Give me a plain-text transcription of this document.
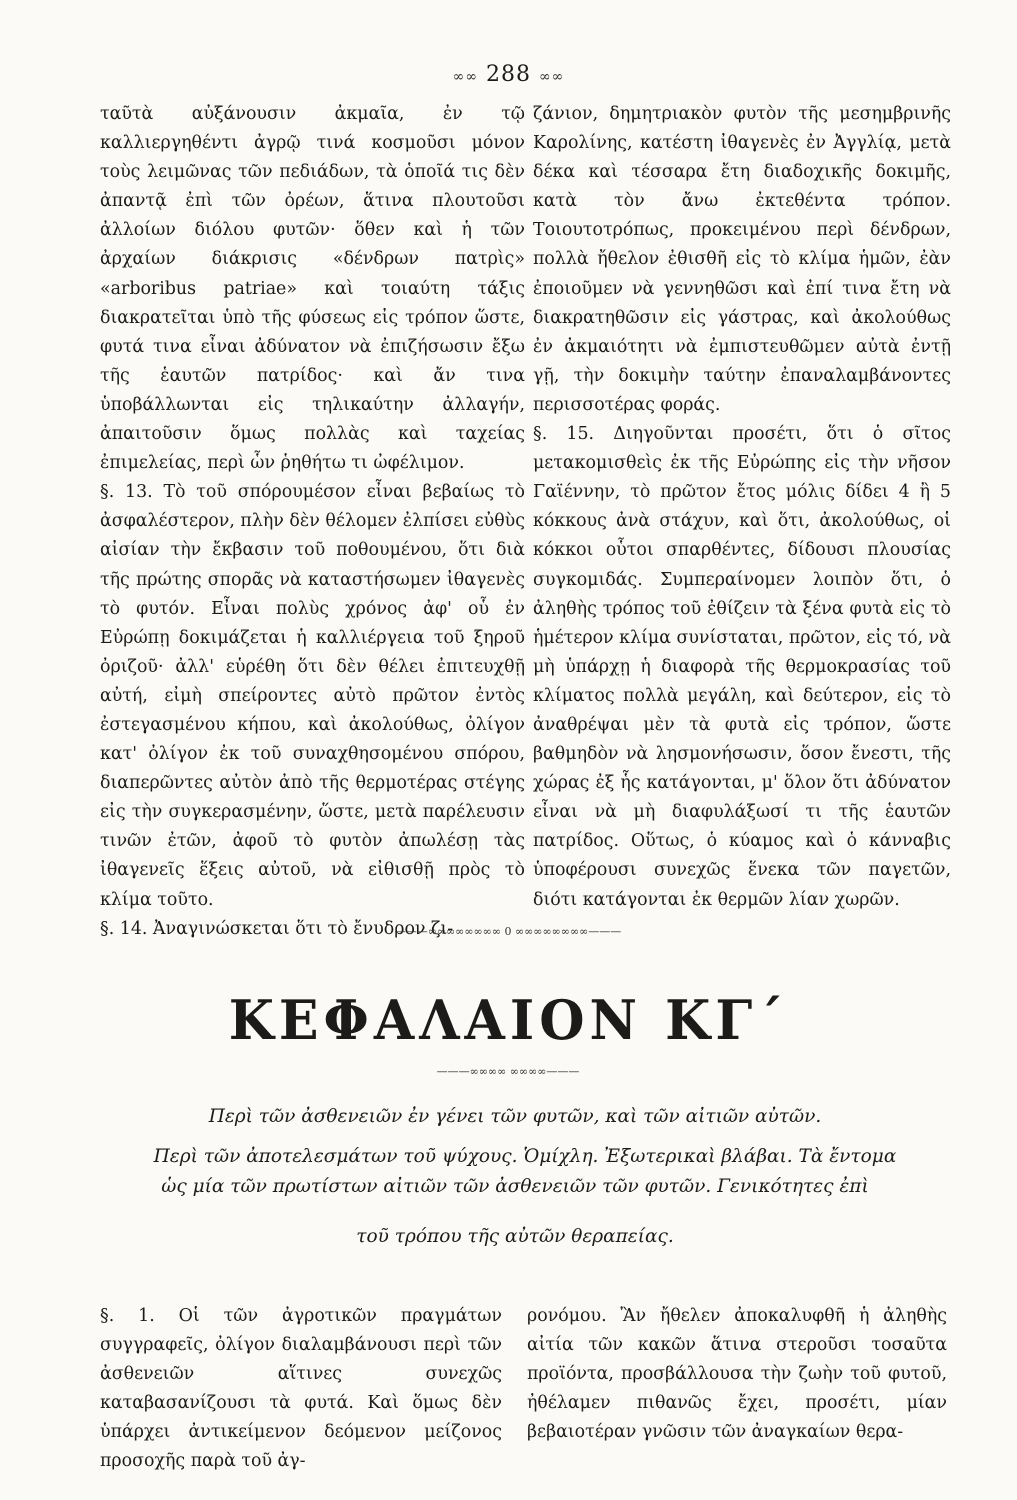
∞∞ 288 ∞∞

ταῦτὰ αὐξάνουσιν ἀκμαῖα, ἐν τῷ καλλιεργηθέντι ἀγρῷ τινά κοσμοῦσι μόνον τοὺς λειμῶνας τῶν πεδιάδων, τὰ ὁποῖά τις δὲν ἀπαντᾷ ἐπὶ τῶν ὀρέων, ἅτινα πλουτοῦσι ἀλλοίων διόλου φυτῶν· ὅθεν καὶ ἡ τῶν ἀρχαίων διάκρισις «δένδρων πατρὶς» «arboribus patriae» καὶ τοιαύτη τάξις διακρατεῖται ὑπὸ τῆς φύσεως εἰς τρόπον ὥστε, φυτά τινα εἶναι ἀδύνατον νὰ ἐπιζήσωσιν ἔξω τῆς ἑαυτῶν πατρίδος· καὶ ἄν τινα ὑποβάλλωνται εἰς τηλικαύτην ἀλλαγήν, ἀπαιτοῦσιν ὅμως πολλὰς καὶ ταχείας ἐπιμελείας, περὶ ὧν ῥηθήτω τι ὠφέλιμον.

§. 13. Τὸ τοῦ σπόρουμέσον εἶναι βεβαίως τὸ ἀσφαλέστερον, πλὴν δὲν θέλομεν ἐλπίσει εὐθὺς αἰσίαν τὴν ἔκβασιν τοῦ ποθουμένου, ὅτι διὰ τῆς πρώτης σπορᾶς νὰ καταστήσωμεν ἰθαγενὲς τὸ φυτόν. Εἶναι πολὺς χρόνος ἀφ' οὗ ἐν Εὐρώπῃ δοκιμάζεται ἡ καλλιέργεια τοῦ ξηροῦ ὀριζοῦ· ἀλλ' εὑρέθη ὅτι δὲν θέλει ἐπιτευχθῇ αὐτή, εἰμὴ σπείροντες αὐτὸ πρῶτον ἐντὸς ἐστεγασμένου κήπου, καὶ ἀκολούθως, ὀλίγον κατ' ὀλίγον ἐκ τοῦ συναχθησομένου σπόρου, διαπερῶντες αὐτὸν ἀπὸ τῆς θερμοτέρας στέγης εἰς τὴν συγκερασμένην, ὥστε, μετὰ παρέλευσιν τινῶν ἐτῶν, ἀφοῦ τὸ φυτὸν ἀπωλέσῃ τὰς ἰθαγενεῖς ἕξεις αὐτοῦ, νὰ εἰθισθῇ πρὸς τὸ κλίμα τοῦτο.

§. 14. Ἀναγινώσκεται ὅτι τὸ ἔνυδρον ζι-

ζάνιον, δημητριακὸν φυτὸν τῆς μεσημβρινῆς Καρολίνης, κατέστη ἰθαγενὲς ἐν Ἀγγλίᾳ, μετὰ δέκα καὶ τέσσαρα ἔτη διαδοχικῆς δοκιμῆς, κατὰ τὸν ἄνω ἐκτεθέντα τρόπον. Τοιουτοτρόπως, προκειμένου περὶ δένδρων, πολλὰ ἤθελον ἐθισθῆ εἰς τὸ κλίμα ἡμῶν, ἐὰν ἐποιοῦμεν νὰ γεννηθῶσι καὶ ἐπί τινα ἔτη νὰ διακρατηθῶσιν εἰς γάστρας, καὶ ἀκολούθως ἐν ἀκμαιότητι νὰ ἐμπιστευθῶμεν αὐτὰ ἐντῇ γῇ, τὴν δοκιμὴν ταύτην ἐπαναλαμβάνοντες περισσοτέρας φοράς.

§. 15. Διηγοῦνται προσέτι, ὅτι ὁ σῖτος μετακομισθεὶς ἐκ τῆς Εὐρώπης εἰς τὴν νῆσον Γαϊέννην, τὸ πρῶτον ἔτος μόλις δίδει 4 ἢ 5 κόκκους ἀνὰ στάχυν, καὶ ὅτι, ἀκολούθως, οἱ κόκκοι οὗτοι σπαρθέντες, δίδουσι πλουσίας συγκομιδάς. Συμπεραίνομεν λοιπὸν ὅτι, ὁ ἀληθὴς τρόπος τοῦ ἐθίζειν τὰ ξένα φυτὰ εἰς τὸ ἡμέτερον κλίμα συνίσταται, πρῶτον, εἰς τό, νὰ μὴ ὑπάρχῃ ἡ διαφορὰ τῆς θερμοκρασίας τοῦ κλίματος πολλὰ μεγάλη, καὶ δεύτερον, εἰς τὸ ἀναθρέψαι μὲν τὰ φυτὰ εἰς τρόπον, ὥστε βαθμηδὸν νὰ λησμονήσωσιν, ὅσον ἔνεστι, τῆς χώρας ἐξ ἧς κατάγονται, μ' ὅλον ὅτι ἀδύνατον εἶναι νὰ μὴ διαφυλάξωσί τι τῆς ἑαυτῶν πατρίδος. Οὕτως, ὁ κύαμος καὶ ὁ κάνναβις ὑποφέρουσι συνεχῶς ἕνεκα τῶν παγετῶν, διότι κατάγονται ἐκ θερμῶν λίαν χωρῶν.

———∞∞∞∞∞∞∞∞ 0 ∞∞∞∞∞∞∞∞———
ΚΕΦΑΛΑΙΟΝ ΚΓ΄
———∞∞∞∞ ∞∞∞∞———
Περὶ τῶν ἀσθενειῶν ἐν γένει τῶν φυτῶν, καὶ τῶν αἰτιῶν αὐτῶν.
Περὶ τῶν ἀποτελεσμάτων τοῦ ψύχους. Ὁμίχλη. Ἐξωτερικαὶ βλάβαι. Τὰ ἔντομα
ὡς μία τῶν πρωτίστων αἰτιῶν τῶν ἀσθενειῶν τῶν φυτῶν. Γενικότητες ἐπὶ
τοῦ τρόπου τῆς αὐτῶν θεραπείας.

§. 1. Οἱ τῶν ἀγροτικῶν πραγμάτων συγγραφεῖς, ὀλίγον διαλαμβάνουσι περὶ τῶν ἀσθενειῶν αἵτινες συνεχῶς καταβασανίζουσι τὰ φυτά. Καὶ ὅμως δὲν ὑπάρχει ἀντικείμενον δεόμενον μείζονος προσοχῆς παρὰ τοῦ ἀγ-

ρονόμου. Ἂν ἤθελεν ἀποκαλυφθῆ ἡ ἀληθὴς αἰτία τῶν κακῶν ἅτινα στεροῦσι τοσαῦτα προϊόντα, προσβάλλουσα τὴν ζωὴν τοῦ φυτοῦ, ἠθέλαμεν πιθανῶς ἔχει, προσέτι, μίαν βεβαιοτέραν γνῶσιν τῶν ἀναγκαίων θερα-
